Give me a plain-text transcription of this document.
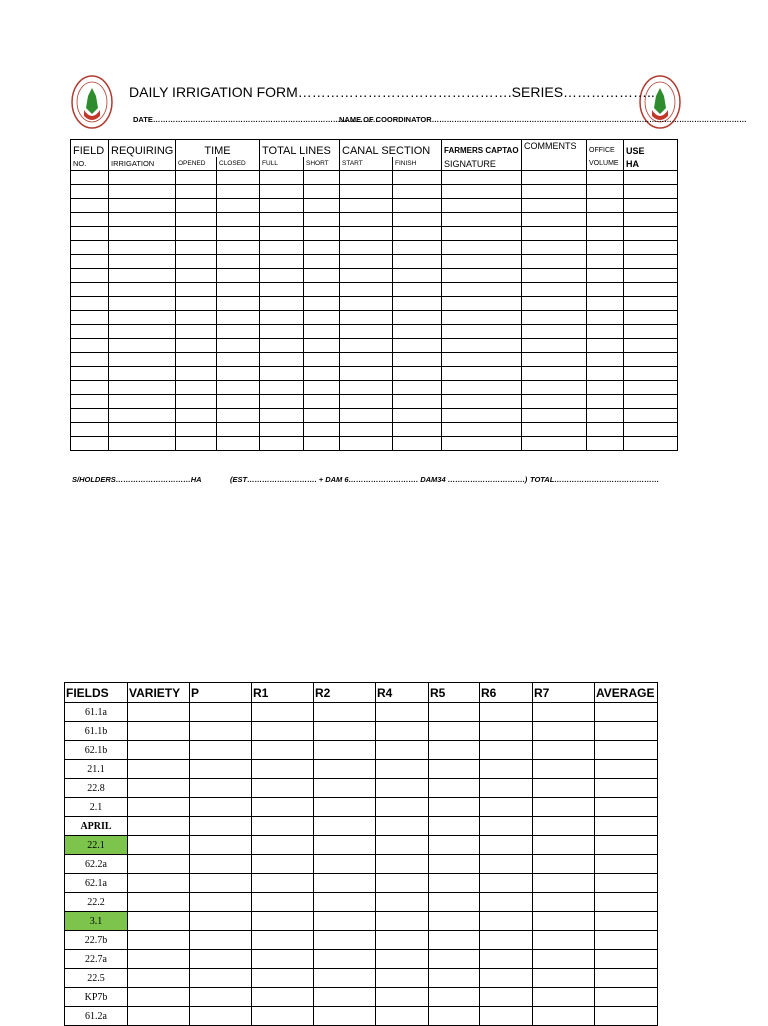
DAILY IRRIGATION FORM……………………………………….SERIES………………..
DATE……………………………………………………………………………….
NAME OF COORDINATOR………………………………………………………………………………………………………………
FIELD	REQUIRING	TIME		TOTAL LINES		CANAL SECTION		FARMERS CAPTAO	COMMENTS	OFFICE	USE
NO.	IRRIGATION	OPENED	CLOSED	FULL	SHORT	START	FINISH	SIGNATURE		VOLUME	HA

S/HOLDERS…………………………HA	(EST………………………. + DAM 6………………………. DAM34 ………………………….) TOTAL……………………………………
FIELDS	VARIETY	P	R1	R2	R4	R5	R6	R7	AVERAGE
61.1a									
61.1b									
62.1b									
21.1									
22.8									
2.1									
APRIL									
22.1									
62.2a									
62.1a									
22.2									
3.1									
22.7b									
22.7a									
22.5									
KP7b									
61.2a									
